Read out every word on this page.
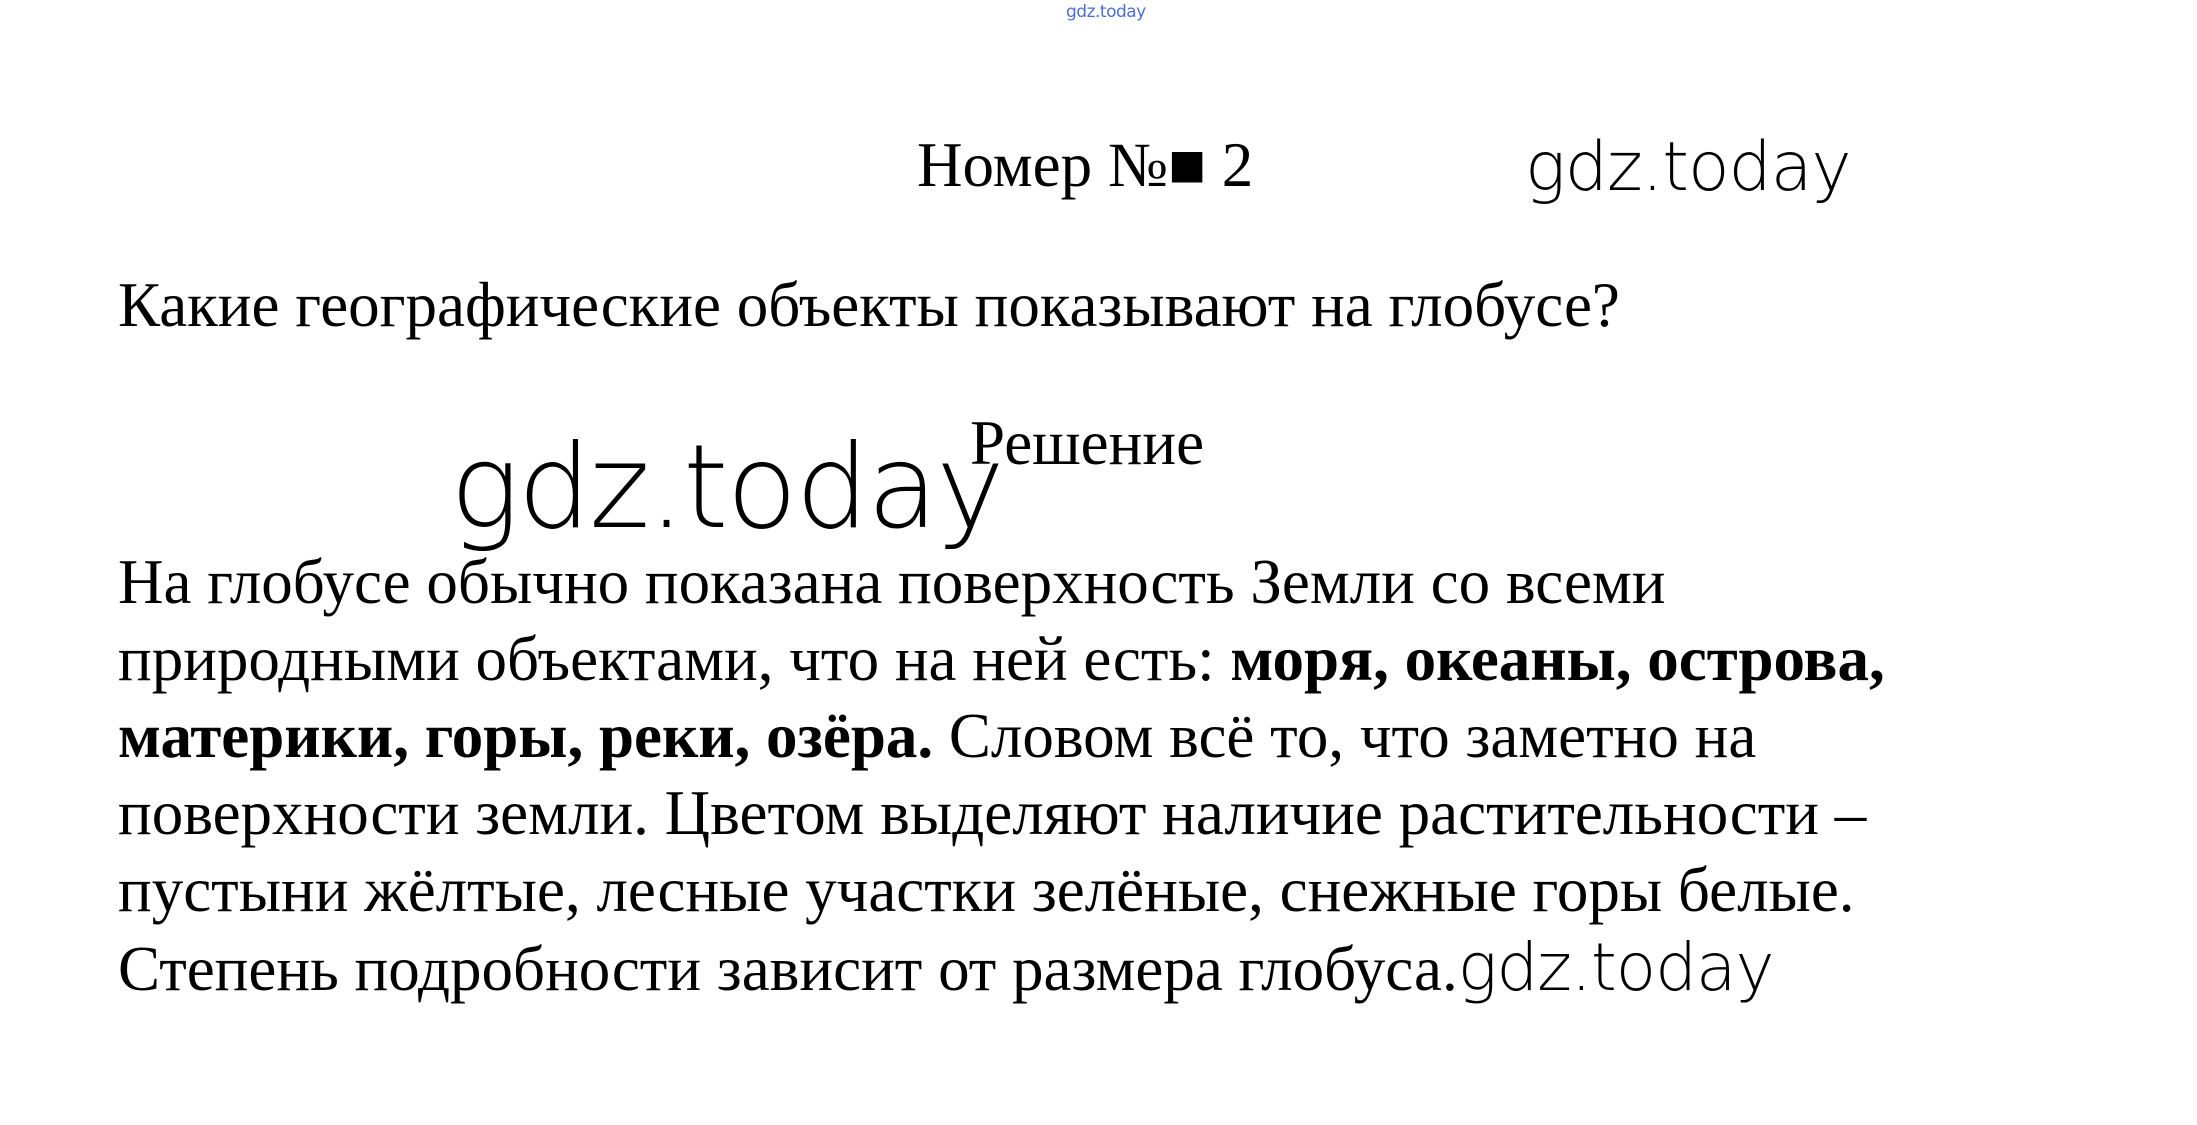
gdz.today
Номер №■ 2	gdz.today
Какие географические объекты показывают на глобусе?
gdz.today
Решение
На глобусе обычно показана поверхность Земли со всеми
природными объектами, что на ней есть: моря, океаны, острова,
материки, горы, реки, озёра. Словом всё то, что заметно на
поверхности земли. Цветом выделяют наличие растительности –
пустыни жёлтые, лесные участки зелёные, снежные горы белые.
Степень подробности зависит от размера глобуса.gdz.today
